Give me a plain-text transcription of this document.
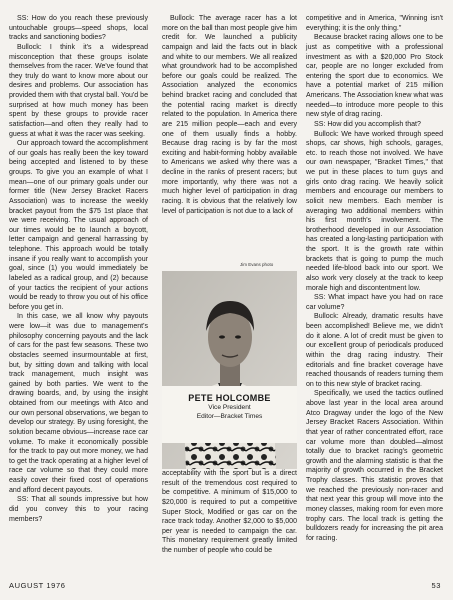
SS: How do you reach these previously untouchable groups—speed shops, local tracks and sanctioning bodies?

Bullock: I think it's a widespread misconception that these groups isolate themselves from the racer. We've found that they truly do want to know more about our desires and problems. Our association has provided them with that crystal ball. You'd be surprised at how much money has been spent by these groups to provide racer satisfaction—and often they really had to guess at what it was the racer was seeking.

Our approach toward the accomplishment of our goals has really been the key toward being accepted and listened to by these groups. To give you an example of what I mean—one of our primary goals under our former title (New Jersey Bracket Racers Association) was to increase the weekly bracket payout from the $75 1st place that we were receiving. The usual approach of our times would be to launch a boycott, letter campaign and general harrassing by telephone. This approach would be totally insane if you really want to accomplish your goal, since (1) you would immediately be labeled as a radical group, and (2) because of your tactics the recipient of your actions would be ready to throw you out of his office before you get in.

In this case, we all know why payouts were low—it was due to management's philosophy concerning payouts and the lack of cars for the past few seasons. These two obstacles seemed insurmountable at first, but, by sitting down and talking with local track management, much insight was gained by both parties. We went to the drawing boards, and, by using the insight obtained from our meetings with Atco and our own personal observations, we began to develop our strategy. By using foresight, the solution became obvious—increase race car volume. To make it economically possible for the track to pay out more money, we had to get the track operating at a higher level of race car volume so that they could more easily cover their fixed cost of operations and afford decent payouts.

SS: That all sounds impressive but how did you convey this to your racing members?

Bullock: The average racer has a lot more on the ball than most people give him credit for. We launched a publicity campaign and laid the facts out in black and white to our members. We all realized what groundwork had to be accomplished before our goals could be realized. The Association analyzed the economics behind bracket racing and concluded that the potential racing market is directly related to the population. In America there are 215 million people—each and every one of them usually finds a hobby. Because drag racing is by far the most exciting and habit-forming hobby available to Americans we asked why there was a decline in the ranks of present racers; but more importantly, why there was not a much higher level of participation in drag racing. It is obvious that the relatively low level of participation is not due to a lack of

acceptability with the sport but is a direct result of the tremendous cost required to be competitive. A minimum of $15,000 to $20,000 is required to put a competitive Super Stock, Modified or gas car on the race track today. Another $2,000 to $5,000 per year is needed to campaign the car. This monetary requirement greatly limited the number of people who could be

Jim Evans photo
PETE HOLCOMBE
Vice President
Editor—Bracket Times

competitive and in America, "Winning isn't everything; it is the only thing."

Because bracket racing allows one to be just as competitive with a professional investment as with a $20,000 Pro Stock car, people are no longer excluded from entering the sport due to economics. We have a potential market of 215 million Americans. The Association knew what was needed—to introduce more people to this new style of drag racing.

SS: How did you accomplish that?

Bullock: We have worked through speed shops, car shows, high schools, garages, etc. to reach those not involved. We have our own newspaper, "Bracket Times," that we put in these places to turn guys and girls onto drag racing. We heavily solicit members and encourage our members to solicit new members. Each member is averaging two additional members within his first month's involvement. The brotherhood developed in our Association has created a long-lasting participation with the sport. It is the growth rate within brackets that is going to pump the much needed life-blood back into our sport. We also work very closely at the track to keep morale high and discontentment low.

SS: What impact have you had on race car volume?

Bullock: Already, dramatic results have been accomplished! Believe me, we didn't do it alone. A lot of credit must be given to our excellent group of periodicals produced within the drag racing industry. Their editorials and fine bracket coverage have reached thousands of readers turning them on to this new style of bracket racing.

Specifically, we used the tactics outlined above last year in the local area around Atco Dragway under the logo of the New Jersey Bracket Racers Association. Within that year of rather concentrated effort, race car volume more than doubled—almost totally due to bracket racing's geometric growth and the alarming statistic is that the majority of growth occurred in the Bracket Trophy classes. This statistic proves that we reached the previously non-racer and that next year this group will move into the money classes, making room for even more trophy cars. The local track is getting the bulldozers ready for increasing the pit area for racing.

AUGUST 1976	53
